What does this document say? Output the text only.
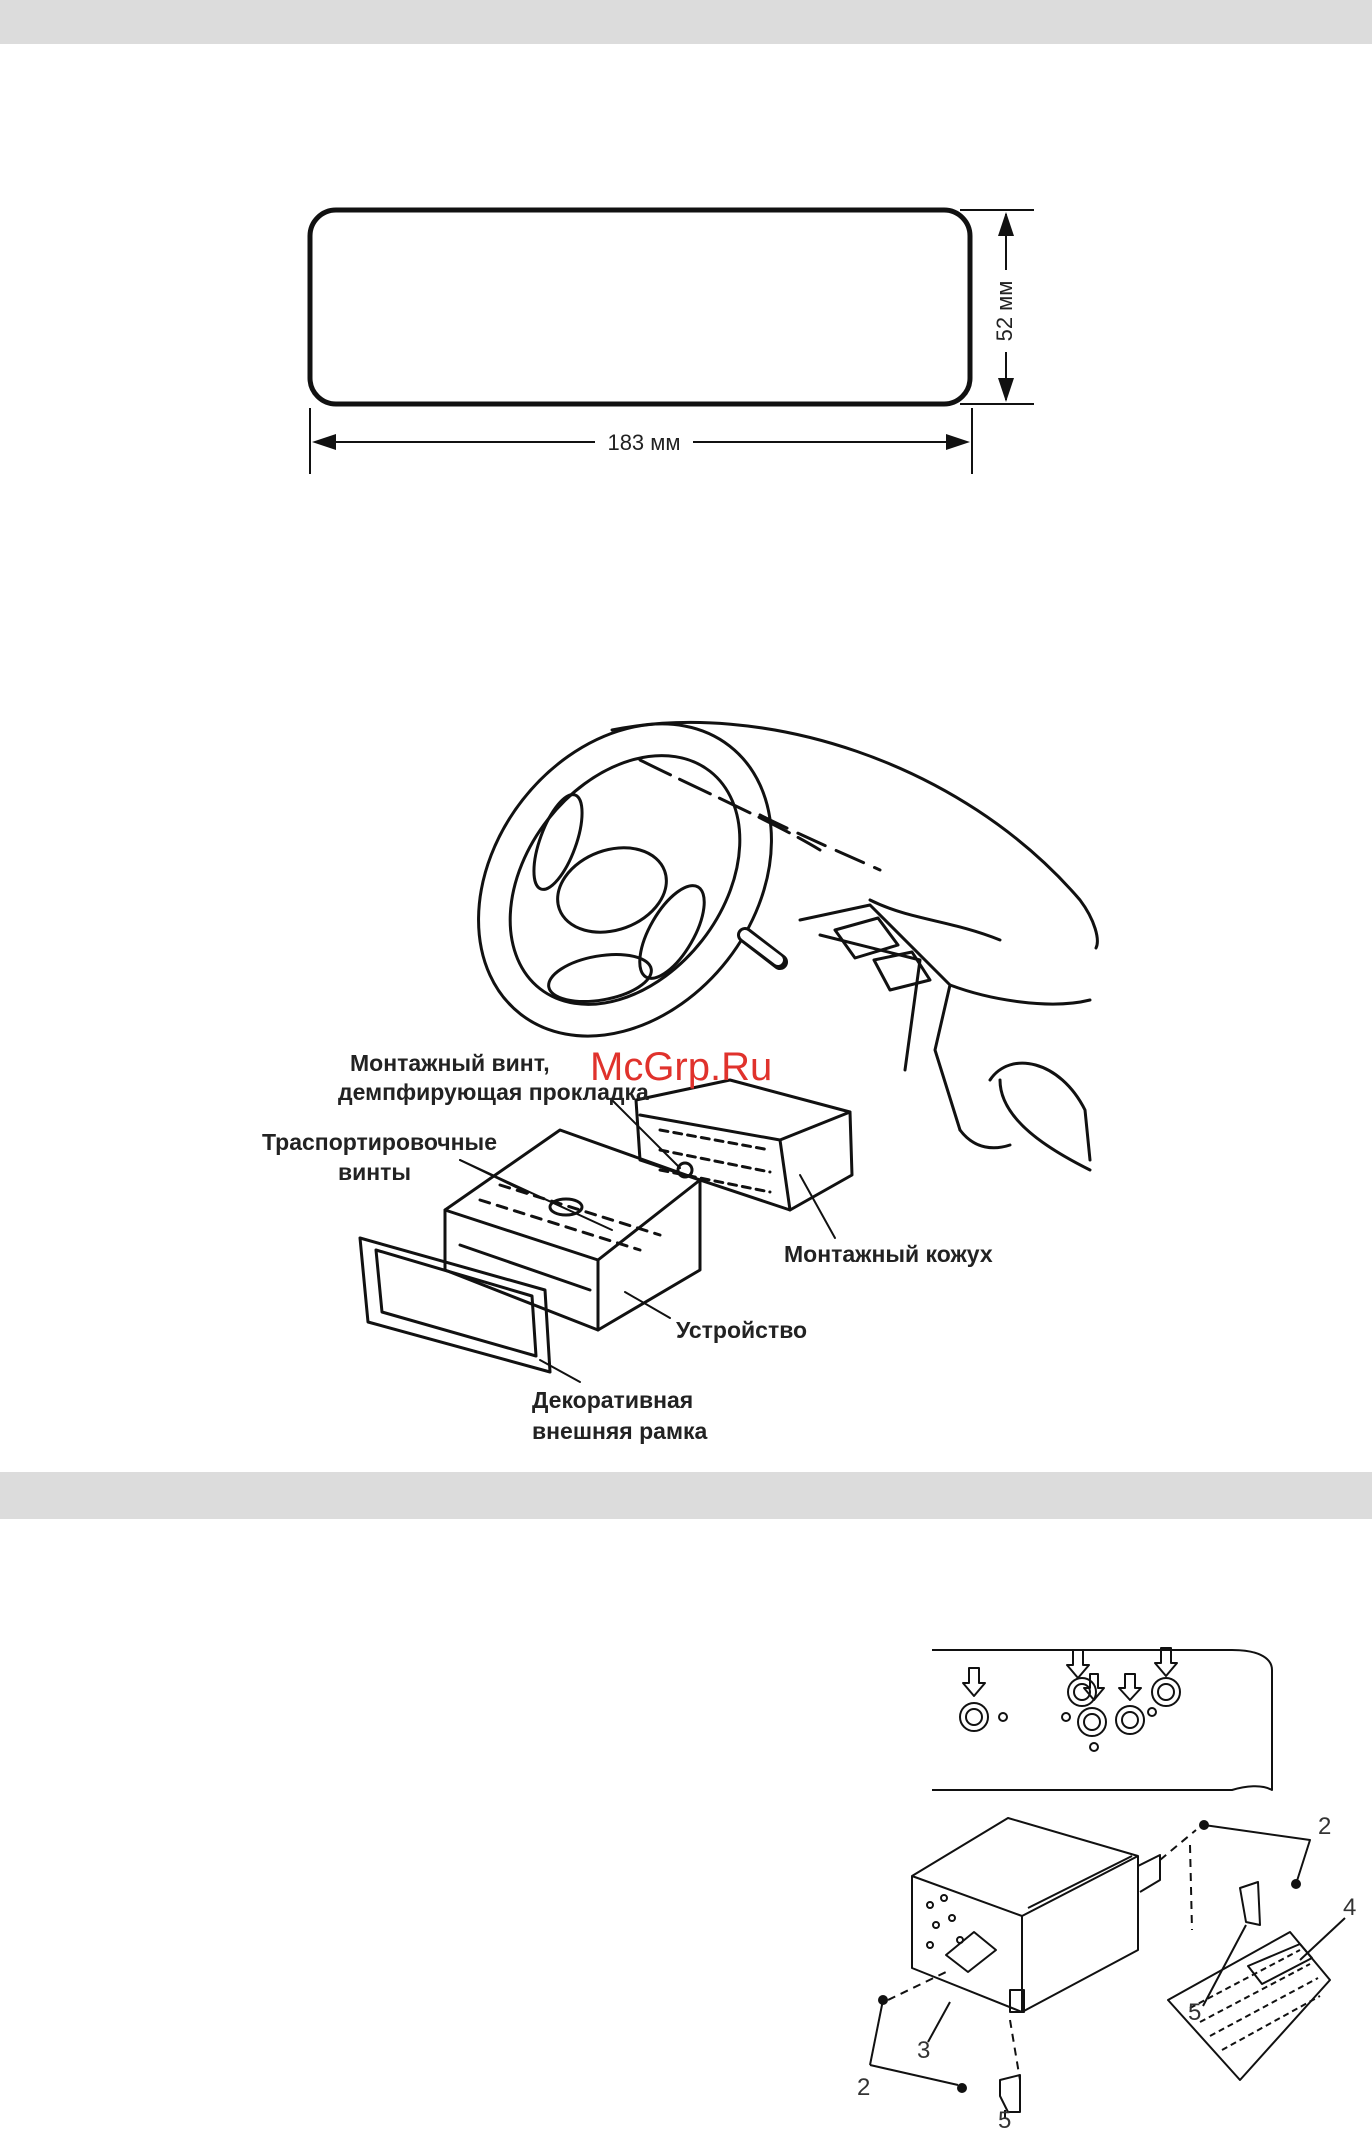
183 мм
52 мм
McGrp.Ru
Монтажный винт,
демпфирующая прокладка
Траспортировочные
винты
Монтажный кожух
Устройство
Декоративная
внешняя рамка
2
4
5
3
2
5
